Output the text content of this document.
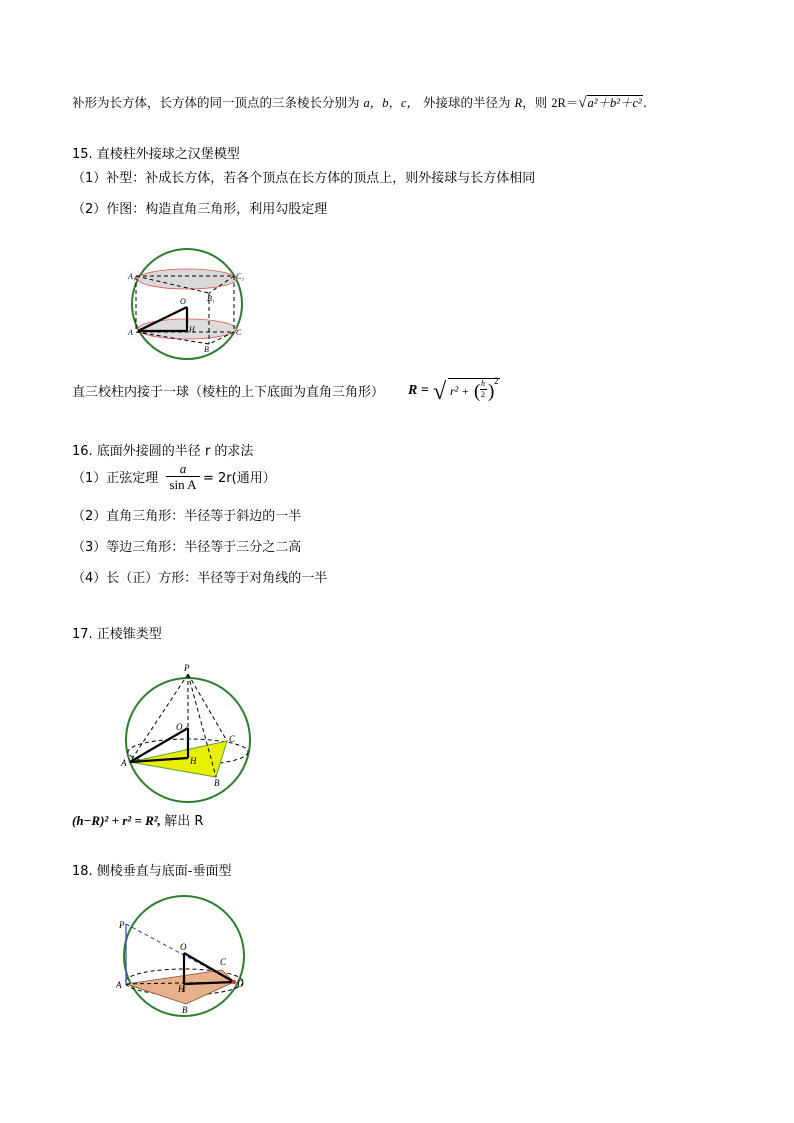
补形为长方体，长方体的同一顶点的三条棱长分别为 a，b，c， 外接球的半径为 R，则 2R＝√a²＋b²＋c².
15. 直棱柱外接球之汉堡模型
（1）补型：补成长方体，若各个顶点在长方体的顶点上，则外接球与长方体相同
（2）作图：构造直角三角形，利用勾股定理
A₁	C₁
B₁
O
A	H	C
B
直三校柱内接于一球（棱柱的上下底面为直角三角形） R = √ r² + ( h
2 ) 2
16. 底面外接圆的半径 r 的求法
（1）正弦定理 $\frac{a}{\text{sin A}} = 2r$(通用）
（2）直角三角形：半径等于斜边的一半
（3）等边三角形：半径等于三分之二高
（4）长（正）方形：半径等于对角线的一半
17. 正棱锥类型
P
O
C
A	H
B
(h−R)² + r² = R², 解出 R
18. 侧棱垂直与底面-垂面型
P
O
C
A	H	D
B
